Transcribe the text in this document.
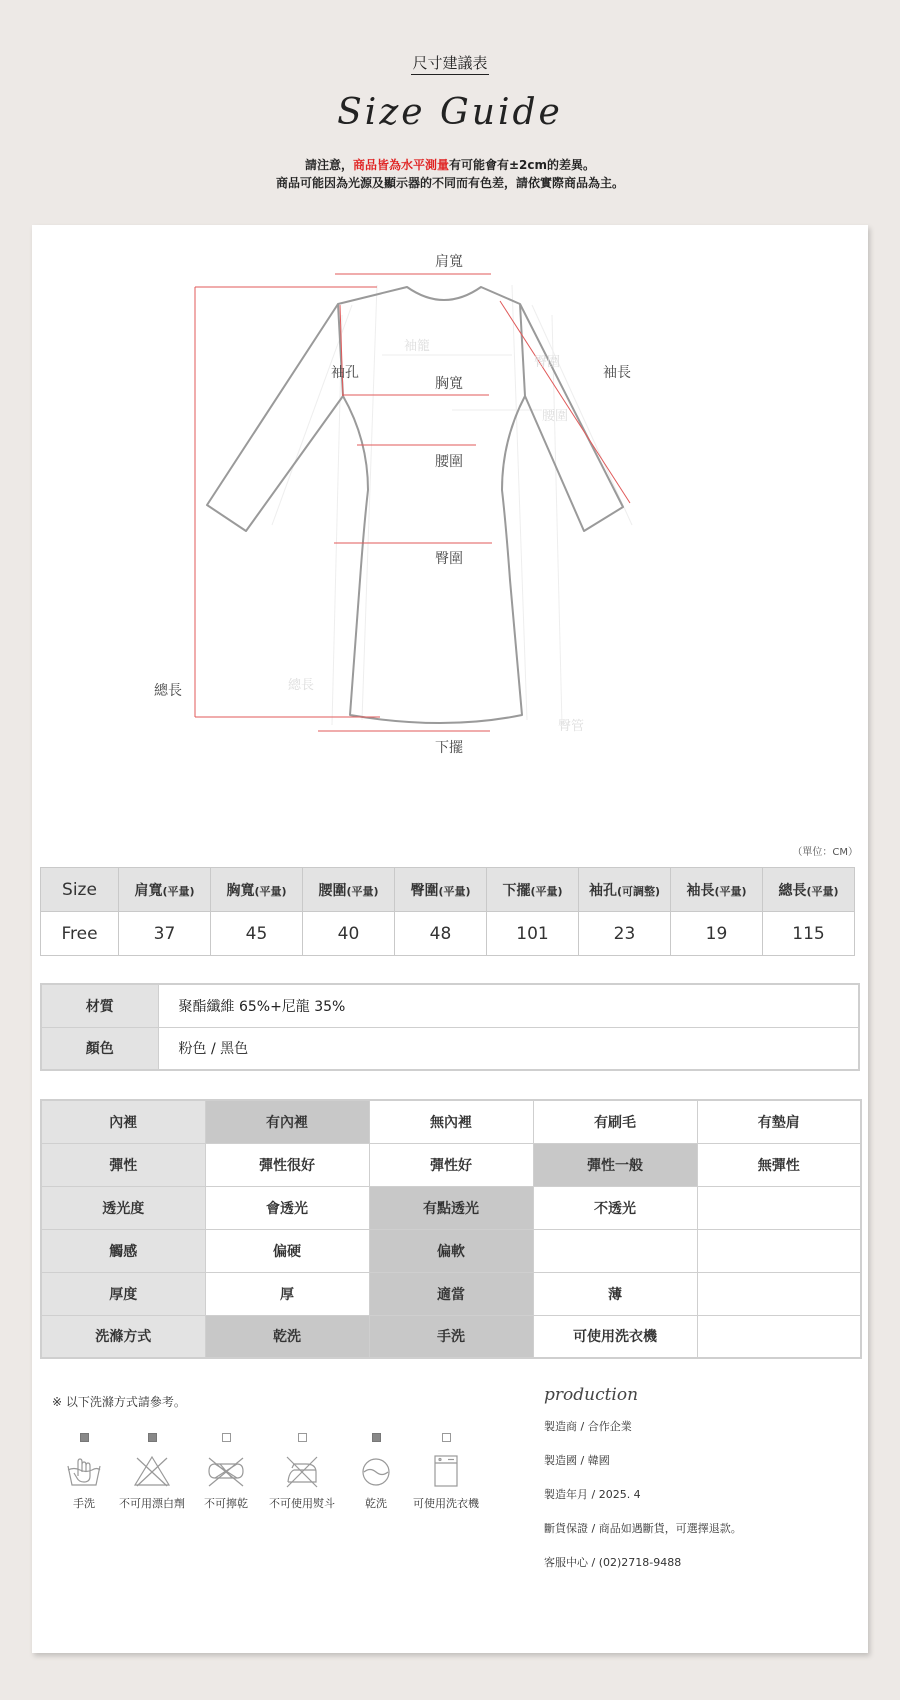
尺寸建議表
Size Guide
請注意，商品皆為水平測量有可能會有±2cm的差異。
商品可能因為光源及顯示器的不同而有色差，請依實際商品為主。
肩寬
袖孔
胸寬
袖長
腰圍
臀圍
總長
下擺
袖籠
臀圍
腰圍
總長
臀管
（單位：CM）
Size	肩寬(平量)	胸寬(平量)	腰圍(平量)	臀圍(平量)	下擺(平量)	袖孔(可調整)	袖長(平量)	總長(平量)
Free	37	45	40	48	101	23	19	115
材質	聚酯纖維 65%+尼龍 35%
顏色	粉色 / 黑色
內裡	有內裡	無內裡	有刷毛	有墊肩
彈性	彈性很好	彈性好	彈性一般	無彈性
透光度	會透光	有點透光	不透光	
觸感	偏硬	偏軟		
厚度	厚	適當	薄	
洗滌方式	乾洗	手洗	可使用洗衣機	
※ 以下洗滌方式請參考。
手洗	不可用漂白劑	不可擰乾	不可使用熨斗	乾洗	可使用洗衣機
production
製造商 / 合作企業
製造國 / 韓國
製造年月 / 2025. 4
斷貨保證 / 商品如遇斷貨，可選擇退款。
客服中心 / (02)2718-9488
